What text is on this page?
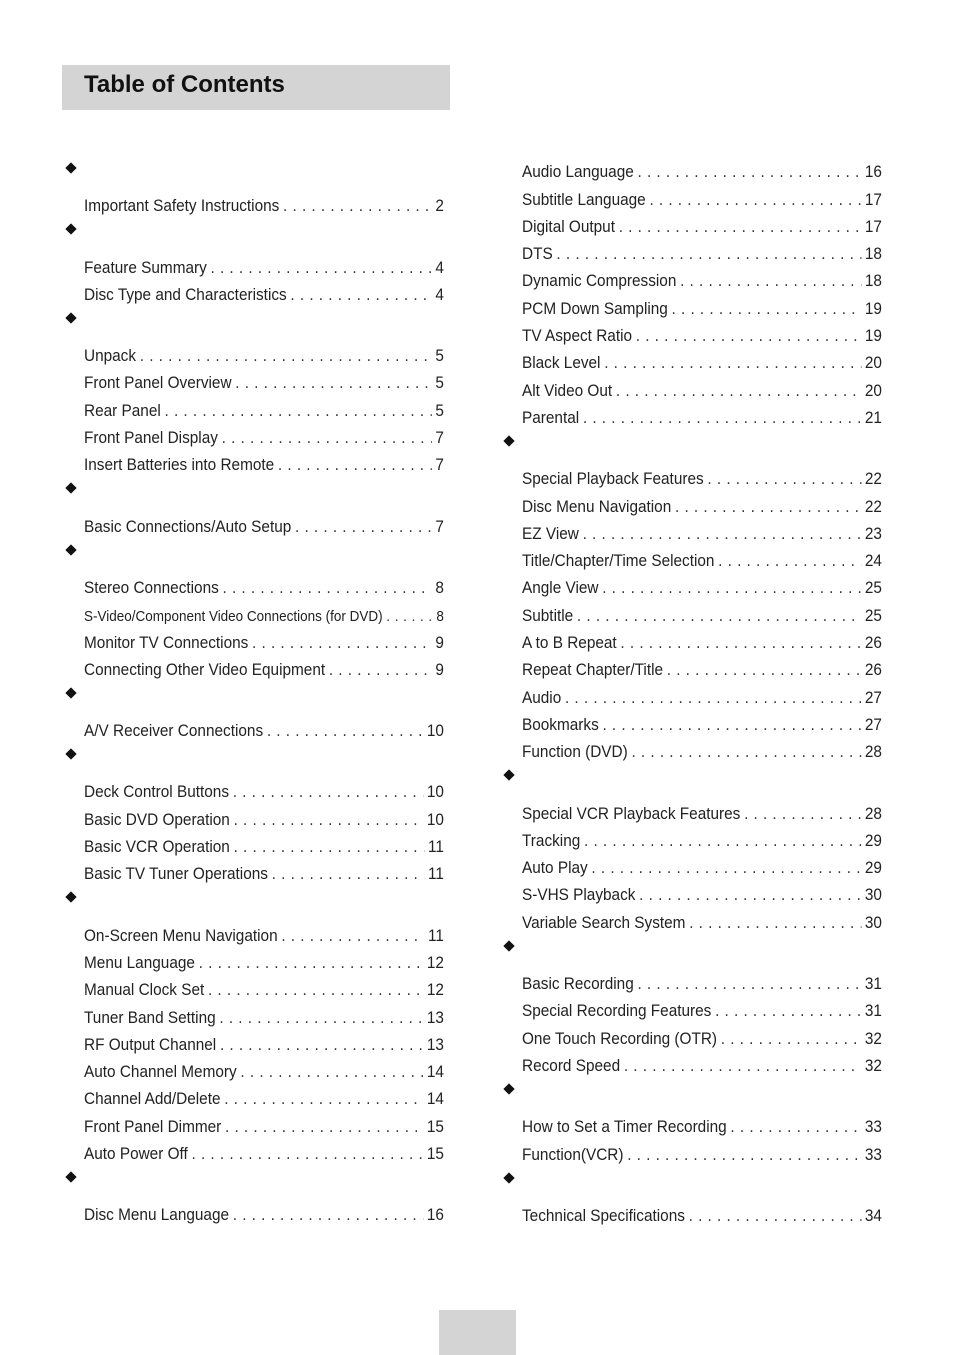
Table of Contents
Important Safety Instructions . . .	2
Feature Summary . . .	4
Disc Type and Characteristics . . .	4
Unpack . . .	5
Front Panel Overview . . .	5
Rear Panel . . .	5
Front Panel Display . . .	7
Insert Batteries into Remote . . .	7
Basic Connections/Auto Setup . . .	7
Stereo Connections . . .	8
S-Video/Component Video Connections (for DVD) . . .	8
Monitor TV Connections . . .	9
Connecting Other Video Equipment . . .	9
A/V Receiver Connections . . .	10
Deck Control Buttons . . .	10
Basic DVD Operation . . .	10
Basic VCR Operation . . .	11
Basic TV Tuner Operations . . .	11
On-Screen Menu Navigation . . .	11
Menu Language . . .	12
Manual Clock Set . . .	12
Tuner Band Setting . . .	13
RF Output Channel . . .	13
Auto Channel Memory . . .	14
Channel Add/Delete . . .	14
Front Panel Dimmer . . .	15
Auto Power Off . . .	15
Disc Menu Language . . .	16
Audio Language . . .	16
Subtitle Language . . .	17
Digital Output . . .	17
DTS . . .	18
Dynamic Compression . . .	18
PCM Down Sampling . . .	19
TV Aspect Ratio . . .	19
Black Level . . .	20
Alt Video Out . . .	20
Parental . . .	21
Special Playback Features . . .	22
Disc Menu Navigation . . .	22
EZ View . . .	23
Title/Chapter/Time Selection . . .	24
Angle View . . .	25
Subtitle . . .	25
A to B Repeat . . .	26
Repeat Chapter/Title . . .	26
Audio . . .	27
Bookmarks . . .	27
Function (DVD) . . .	28
Special VCR Playback Features . . .	28
Tracking . . .	29
Auto Play . . .	29
S-VHS Playback . . .	30
Variable Search System . . .	30
Basic Recording . . .	31
Special Recording Features . . .	31
One Touch Recording (OTR) . . .	32
Record Speed . . .	32
How to Set a Timer Recording . . .	33
Function(VCR) . . .	33
Technical Specifications . . .	34
